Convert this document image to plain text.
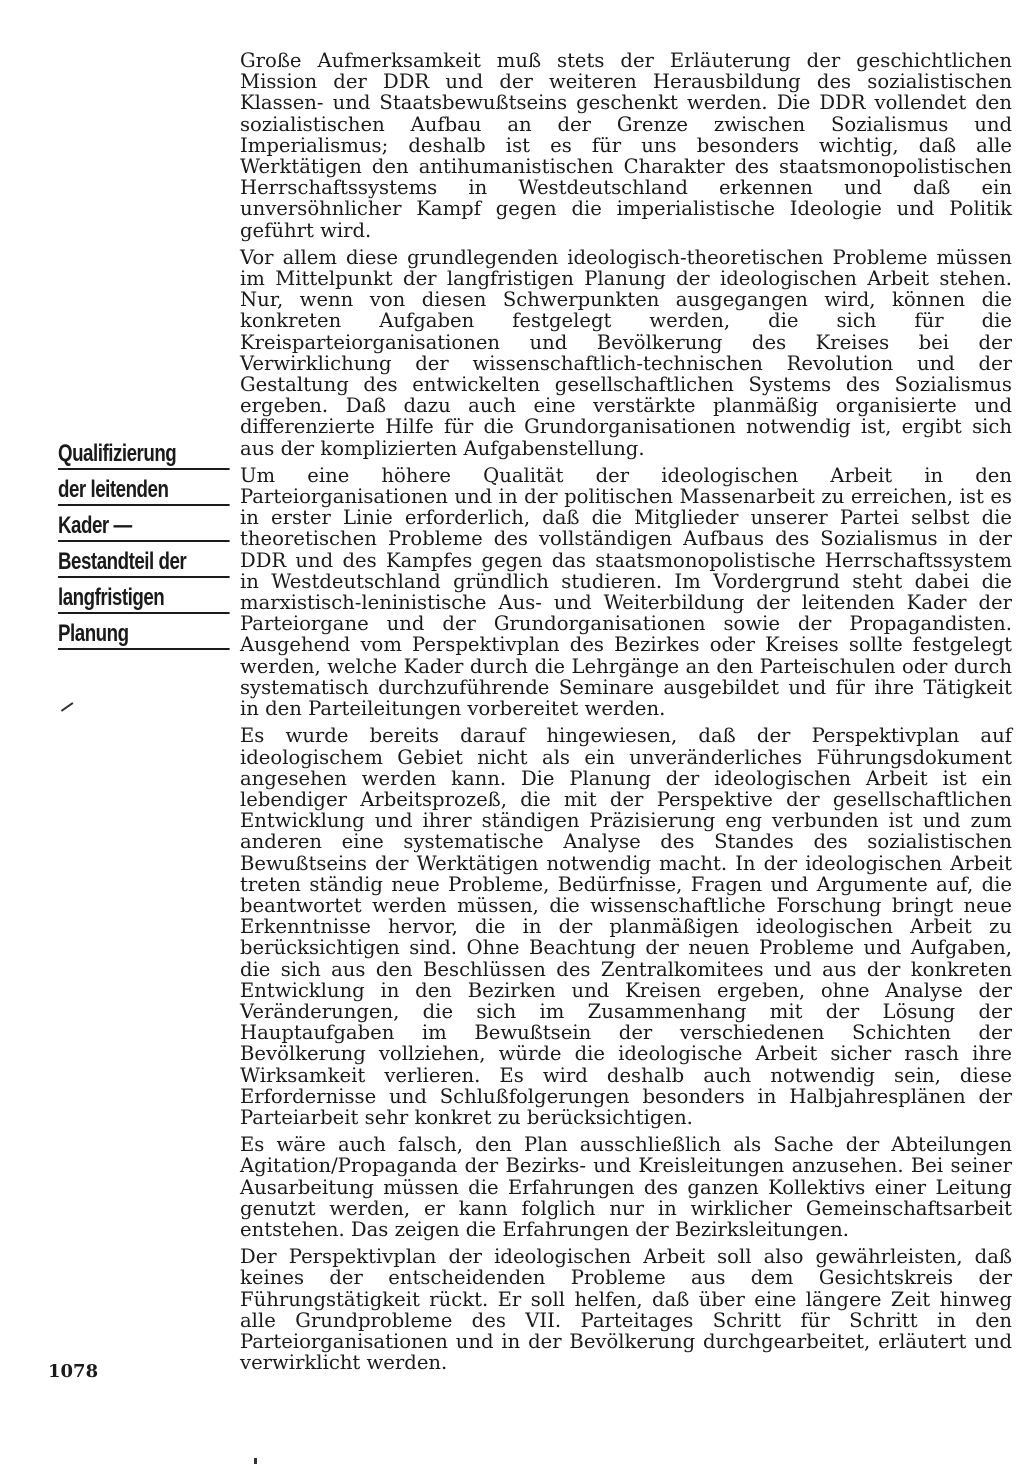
Qualifizierung
der leitenden
Kader —
Bestandteil der
langfristigen
Planung

Große Aufmerksamkeit muß stets der Erläuterung der geschichtlichen Mission der DDR und der weiteren Herausbildung des sozialistischen Klassen- und Staatsbewußtseins geschenkt werden. Die DDR vollendet den sozialistischen Aufbau an der Grenze zwischen Sozialismus und Imperialismus; deshalb ist es für uns besonders wichtig, daß alle Werktätigen den antihumanistischen Charakter des staatsmonopolistischen Herrschaftssystems in Westdeutschland erkennen und daß ein unversöhnlicher Kampf gegen die imperialistische Ideologie und Politik geführt wird.

Vor allem diese grundlegenden ideologisch-theoretischen Probleme müssen im Mittelpunkt der langfristigen Planung der ideologischen Arbeit stehen. Nur, wenn von diesen Schwerpunkten ausgegangen wird, können die konkreten Aufgaben festgelegt werden, die sich für die Kreisparteiorganisationen und Bevölkerung des Kreises bei der Verwirklichung der wissenschaftlich-technischen Revolution und der Gestaltung des entwickelten gesellschaftlichen Systems des Sozialismus ergeben. Daß dazu auch eine verstärkte planmäßig organisierte und differenzierte Hilfe für die Grundorganisationen notwendig ist, ergibt sich aus der komplizierten Aufgabenstellung.

Um eine höhere Qualität der ideologischen Arbeit in den Parteiorganisationen und in der politischen Massenarbeit zu erreichen, ist es in erster Linie erforderlich, daß die Mitglieder unserer Partei selbst die theoretischen Probleme des vollständigen Aufbaus des Sozialismus in der DDR und des Kampfes gegen das staatsmonopolistische Herrschaftssystem in Westdeutschland gründlich studieren. Im Vordergrund steht dabei die marxistisch-leninistische Aus- und Weiterbildung der leitenden Kader der Parteiorgane und der Grundorganisationen sowie der Propagandisten. Ausgehend vom Perspektivplan des Bezirkes oder Kreises sollte festgelegt werden, welche Kader durch die Lehrgänge an den Parteischulen oder durch systematisch durchzuführende Seminare ausgebildet und für ihre Tätigkeit in den Parteileitungen vorbereitet werden.

Es wurde bereits darauf hingewiesen, daß der Perspektivplan auf ideologischem Gebiet nicht als ein unveränderliches Führungsdokument angesehen werden kann. Die Planung der ideologischen Arbeit ist ein lebendiger Arbeitsprozeß, die mit der Perspektive der gesellschaftlichen Entwicklung und ihrer ständigen Präzisierung eng verbunden ist und zum anderen eine systematische Analyse des Standes des sozialistischen Bewußtseins der Werktätigen notwendig macht. In der ideologischen Arbeit treten ständig neue Probleme, Bedürfnisse, Fragen und Argumente auf, die beantwortet werden müssen, die wissenschaftliche Forschung bringt neue Erkenntnisse hervor, die in der planmäßigen ideologischen Arbeit zu berücksichtigen sind. Ohne Beachtung der neuen Probleme und Aufgaben, die sich aus den Beschlüssen des Zentralkomitees und aus der konkreten Entwicklung in den Bezirken und Kreisen ergeben, ohne Analyse der Veränderungen, die sich im Zusammenhang mit der Lösung der Hauptaufgaben im Bewußtsein der verschiedenen Schichten der Bevölkerung vollziehen, würde die ideologische Arbeit sicher rasch ihre Wirksamkeit verlieren. Es wird deshalb auch notwendig sein, diese Erfordernisse und Schlußfolgerungen besonders in Halbjahresplänen der Parteiarbeit sehr konkret zu berücksichtigen.

Es wäre auch falsch, den Plan ausschließlich als Sache der Abteilungen Agitation/Propaganda der Bezirks- und Kreisleitungen anzusehen. Bei seiner Ausarbeitung müssen die Erfahrungen des ganzen Kollektivs einer Leitung genutzt werden, er kann folglich nur in wirklicher Gemeinschaftsarbeit entstehen. Das zeigen die Erfahrungen der Bezirksleitungen.

Der Perspektivplan der ideologischen Arbeit soll also gewährleisten, daß keines der entscheidenden Probleme aus dem Gesichtskreis der Führungstätigkeit rückt. Er soll helfen, daß über eine längere Zeit hinweg alle Grundprobleme des VII. Parteitages Schritt für Schritt in den Parteiorganisationen und in der Bevölkerung durchgearbeitet, erläutert und verwirklicht werden.

1078
